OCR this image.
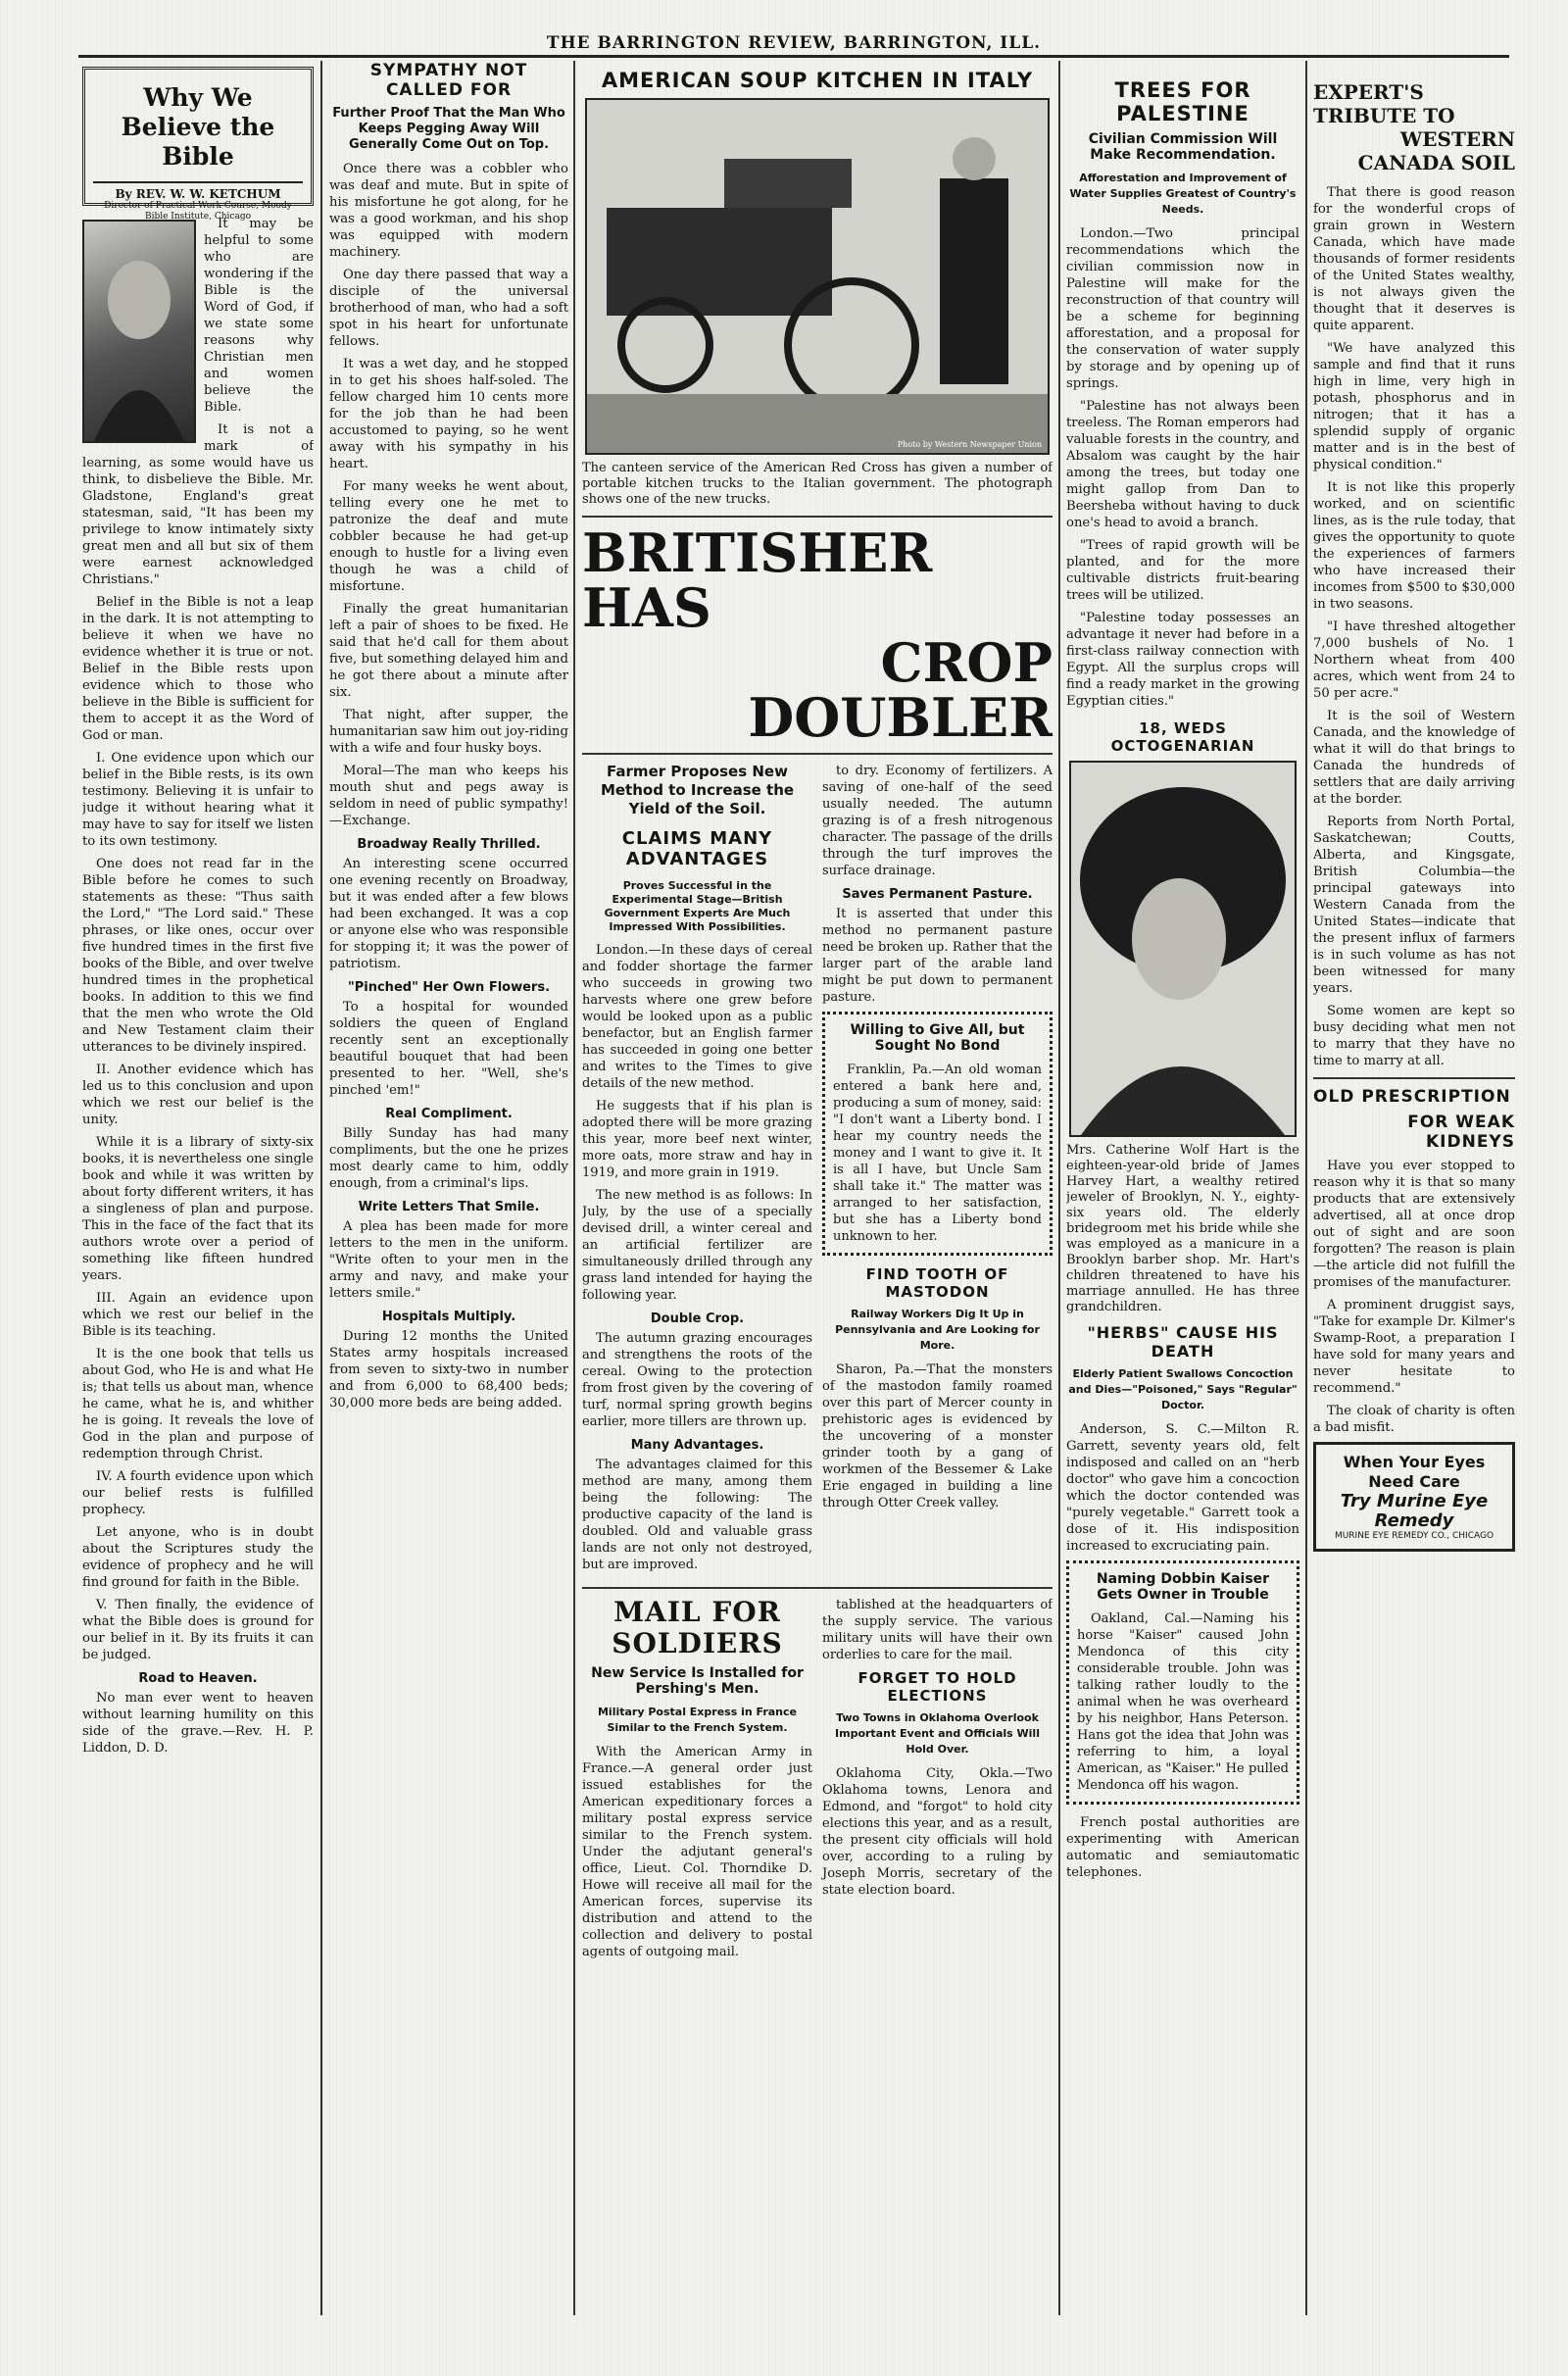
THE BARRINGTON REVIEW, BARRINGTON, ILL.
Why We Believe the Bible
By REV. W. W. KETCHUM
Director of Practical Work Course, Moody Bible Institute, Chicago

It may be helpful to some who are wondering if the Bible is the Word of God, if we state some reasons why Christian men and women believe the Bible.

It is not a mark of learning, as some would have us think, to disbelieve the Bible. Mr. Gladstone, England's great statesman, said, "It has been my privilege to know intimately sixty great men and all but six of them were earnest acknowledged Christians."

Belief in the Bible is not a leap in the dark. It is not attempting to believe it when we have no evidence whether it is true or not. Belief in the Bible rests upon evidence which to those who believe in the Bible is sufficient for them to accept it as the Word of God or man.

I. One evidence upon which our belief in the Bible rests, is its own testimony. Believing it is unfair to judge it without hearing what it may have to say for itself we listen to its own testimony.

One does not read far in the Bible before he comes to such statements as these: "Thus saith the Lord," "The Lord said." These phrases, or like ones, occur over five hundred times in the first five books of the Bible, and over twelve hundred times in the prophetical books. In addition to this we find that the men who wrote the Old and New Testament claim their utterances to be divinely inspired.

II. Another evidence which has led us to this conclusion and upon which we rest our belief is the unity.

While it is a library of sixty-six books, it is nevertheless one single book and while it was written by about forty different writers, it has a singleness of plan and purpose. This in the face of the fact that its authors wrote over a period of something like fifteen hundred years.

III. Again an evidence upon which we rest our belief in the Bible is its teaching.

It is the one book that tells us about God, who He is and what He is; that tells us about man, whence he came, what he is, and whither he is going. It reveals the love of God in the plan and purpose of redemption through Christ.

IV. A fourth evidence upon which our belief rests is fulfilled prophecy.

Let anyone, who is in doubt about the Scriptures study the evidence of prophecy and he will find ground for faith in the Bible.

V. Then finally, the evidence of what the Bible does is ground for our belief in it. By its fruits it can be judged.

Road to Heaven.

No man ever went to heaven without learning humility on this side of the grave.—Rev. H. P. Liddon, D. D.

SYMPATHY NOT CALLED FOR
Further Proof That the Man Who Keeps Pegging Away Will Generally Come Out on Top.

Once there was a cobbler who was deaf and mute. But in spite of his misfortune he got along, for he was a good workman, and his shop was equipped with modern machinery.

One day there passed that way a disciple of the universal brotherhood of man, who had a soft spot in his heart for unfortunate fellows.

It was a wet day, and he stopped in to get his shoes half-soled. The fellow charged him 10 cents more for the job than he had been accustomed to paying, so he went away with his sympathy in his heart.

For many weeks he went about, telling every one he met to patronize the deaf and mute cobbler because he had get-up enough to hustle for a living even though he was a child of misfortune.

Finally the great humanitarian left a pair of shoes to be fixed. He said that he'd call for them about five, but something delayed him and he got there about a minute after six.

That night, after supper, the humanitarian saw him out joy-riding with a wife and four husky boys.

Moral—The man who keeps his mouth shut and pegs away is seldom in need of public sympathy!—Exchange.

Broadway Really Thrilled.

An interesting scene occurred one evening recently on Broadway, but it was ended after a few blows had been exchanged. It was a cop or anyone else who was responsible for stopping it; it was the power of patriotism.

"Pinched" Her Own Flowers.

To a hospital for wounded soldiers the queen of England recently sent an exceptionally beautiful bouquet that had been presented to her. "Well, she's pinched 'em!"

Real Compliment.

Billy Sunday has had many compliments, but the one he prizes most dearly came to him, oddly enough, from a criminal's lips.

Write Letters That Smile.

A plea has been made for more letters to the men in the uniform. "Write often to your men in the army and navy, and make your letters smile."

Hospitals Multiply.

During 12 months the United States army hospitals increased from seven to sixty-two in number and from 6,000 to 68,400 beds; 30,000 more beds are being added.

AMERICAN SOUP KITCHEN IN ITALY
Photo by Western Newspaper Union
The canteen service of the American Red Cross has given a number of portable kitchen trucks to the Italian government. The photograph shows one of the new trucks.
BRITISHER HAS
CROP DOUBLER
Farmer Proposes New Method to Increase the Yield of the Soil.
CLAIMS MANY ADVANTAGES
Proves Successful in the Experimental Stage—British Government Experts Are Much Impressed With Possibilities.

London.—In these days of cereal and fodder shortage the farmer who succeeds in growing two harvests where one grew before would be looked upon as a public benefactor, but an English farmer has succeeded in going one better and writes to the Times to give details of the new method.

He suggests that if his plan is adopted there will be more grazing this year, more beef next winter, more oats, more straw and hay in 1919, and more grain in 1919.

The new method is as follows: In July, by the use of a specially devised drill, a winter cereal and an artificial fertilizer are simultaneously drilled through any grass land intended for haying the following year.

Double Crop.

The autumn grazing encourages and strengthens the roots of the cereal. Owing to the protection from frost given by the covering of turf, normal spring growth begins earlier, more tillers are thrown up.

Many Advantages.

The advantages claimed for this method are many, among them being the following: The productive capacity of the land is doubled. Old and valuable grass lands are not only not destroyed, but are improved.

to dry. Economy of fertilizers. A saving of one-half of the seed usually needed. The autumn grazing is of a fresh nitrogenous character. The passage of the drills through the turf improves the surface drainage.

Saves Permanent Pasture.

It is asserted that under this method no permanent pasture need be broken up. Rather that the larger part of the arable land might be put down to permanent pasture.

Willing to Give All, but Sought No Bond

Franklin, Pa.—An old woman entered a bank here and, producing a sum of money, said: "I don't want a Liberty bond. I hear my country needs the money and I want to give it. It is all I have, but Uncle Sam shall take it." The matter was arranged to her satisfaction, but she has a Liberty bond unknown to her.

FIND TOOTH OF MASTODON
Railway Workers Dig It Up in Pennsylvania and Are Looking for More.

Sharon, Pa.—That the monsters of the mastodon family roamed over this part of Mercer county in prehistoric ages is evidenced by the uncovering of a monster grinder tooth by a gang of workmen of the Bessemer & Lake Erie engaged in building a line through Otter Creek valley.

MAIL FOR SOLDIERS
New Service Is Installed for Pershing's Men.
Military Postal Express in France Similar to the French System.

With the American Army in France.—A general order just issued establishes for the American expeditionary forces a military postal express service similar to the French system. Under the adjutant general's office, Lieut. Col. Thorndike D. Howe will receive all mail for the American forces, supervise its distribution and attend to the collection and delivery to postal agents of outgoing mail.

tablished at the headquarters of the supply service. The various military units will have their own orderlies to care for the mail.

FORGET TO HOLD ELECTIONS
Two Towns in Oklahoma Overlook Important Event and Officials Will Hold Over.

Oklahoma City, Okla.—Two Oklahoma towns, Lenora and Edmond, and "forgot" to hold city elections this year, and as a result, the present city officials will hold over, according to a ruling by Joseph Morris, secretary of the state election board.

TREES FOR PALESTINE
Civilian Commission Will Make Recommendation.
Afforestation and Improvement of Water Supplies Greatest of Country's Needs.

London.—Two principal recommendations which the civilian commission now in Palestine will make for the reconstruction of that country will be a scheme for beginning afforestation, and a proposal for the conservation of water supply by storage and by opening up of springs.

"Palestine has not always been treeless. The Roman emperors had valuable forests in the country, and Absalom was caught by the hair among the trees, but today one might gallop from Dan to Beersheba without having to duck one's head to avoid a branch.

"Trees of rapid growth will be planted, and for the more cultivable districts fruit-bearing trees will be utilized.

"Palestine today possesses an advantage it never had before in a first-class railway connection with Egypt. All the surplus crops will find a ready market in the growing Egyptian cities."

18, WEDS OCTOGENARIAN
Mrs. Catherine Wolf Hart is the eighteen-year-old bride of James Harvey Hart, a wealthy retired jeweler of Brooklyn, N. Y., eighty-six years old. The elderly bridegroom met his bride while she was employed as a manicure in a Brooklyn barber shop. Mr. Hart's children threatened to have his marriage annulled. He has three grandchildren.
"HERBS" CAUSE HIS DEATH
Elderly Patient Swallows Concoction and Dies—"Poisoned," Says "Regular" Doctor.

Anderson, S. C.—Milton R. Garrett, seventy years old, felt indisposed and called on an "herb doctor" who gave him a concoction which the doctor contended was "purely vegetable." Garrett took a dose of it. His indisposition increased to excruciating pain.

Naming Dobbin Kaiser Gets Owner in Trouble

Oakland, Cal.—Naming his horse "Kaiser" caused John Mendonca of this city considerable trouble. John was talking rather loudly to the animal when he was overheard by his neighbor, Hans Peterson. Hans got the idea that John was referring to him, a loyal American, as "Kaiser." He pulled Mendonca off his wagon.

French postal authorities are experimenting with American automatic and semiautomatic telephones.

EXPERT'S TRIBUTE TO
WESTERN CANADA SOIL

That there is good reason for the wonderful crops of grain grown in Western Canada, which have made thousands of former residents of the United States wealthy, is not always given the thought that it deserves is quite apparent.

"We have analyzed this sample and find that it runs high in lime, very high in potash, phosphorus and in nitrogen; that it has a splendid supply of organic matter and is in the best of physical condition."

It is not like this properly worked, and on scientific lines, as is the rule today, that gives the opportunity to quote the experiences of farmers who have increased their incomes from $500 to $30,000 in two seasons.

"I have threshed altogether 7,000 bushels of No. 1 Northern wheat from 400 acres, which went from 24 to 50 per acre."

It is the soil of Western Canada, and the knowledge of what it will do that brings to Canada the hundreds of settlers that are daily arriving at the border.

Reports from North Portal, Saskatchewan; Coutts, Alberta, and Kingsgate, British Columbia—the principal gateways into Western Canada from the United States—indicate that the present influx of farmers is in such volume as has not been witnessed for many years.

Some women are kept so busy deciding what men not to marry that they have no time to marry at all.

OLD PRESCRIPTION
FOR WEAK KIDNEYS

Have you ever stopped to reason why it is that so many products that are extensively advertised, all at once drop out of sight and are soon forgotten? The reason is plain—the article did not fulfill the promises of the manufacturer.

A prominent druggist says, "Take for example Dr. Kilmer's Swamp-Root, a preparation I have sold for many years and never hesitate to recommend."

The cloak of charity is often a bad misfit.

When Your Eyes Need Care
Try Murine Eye Remedy
MURINE EYE REMEDY CO., CHICAGO
